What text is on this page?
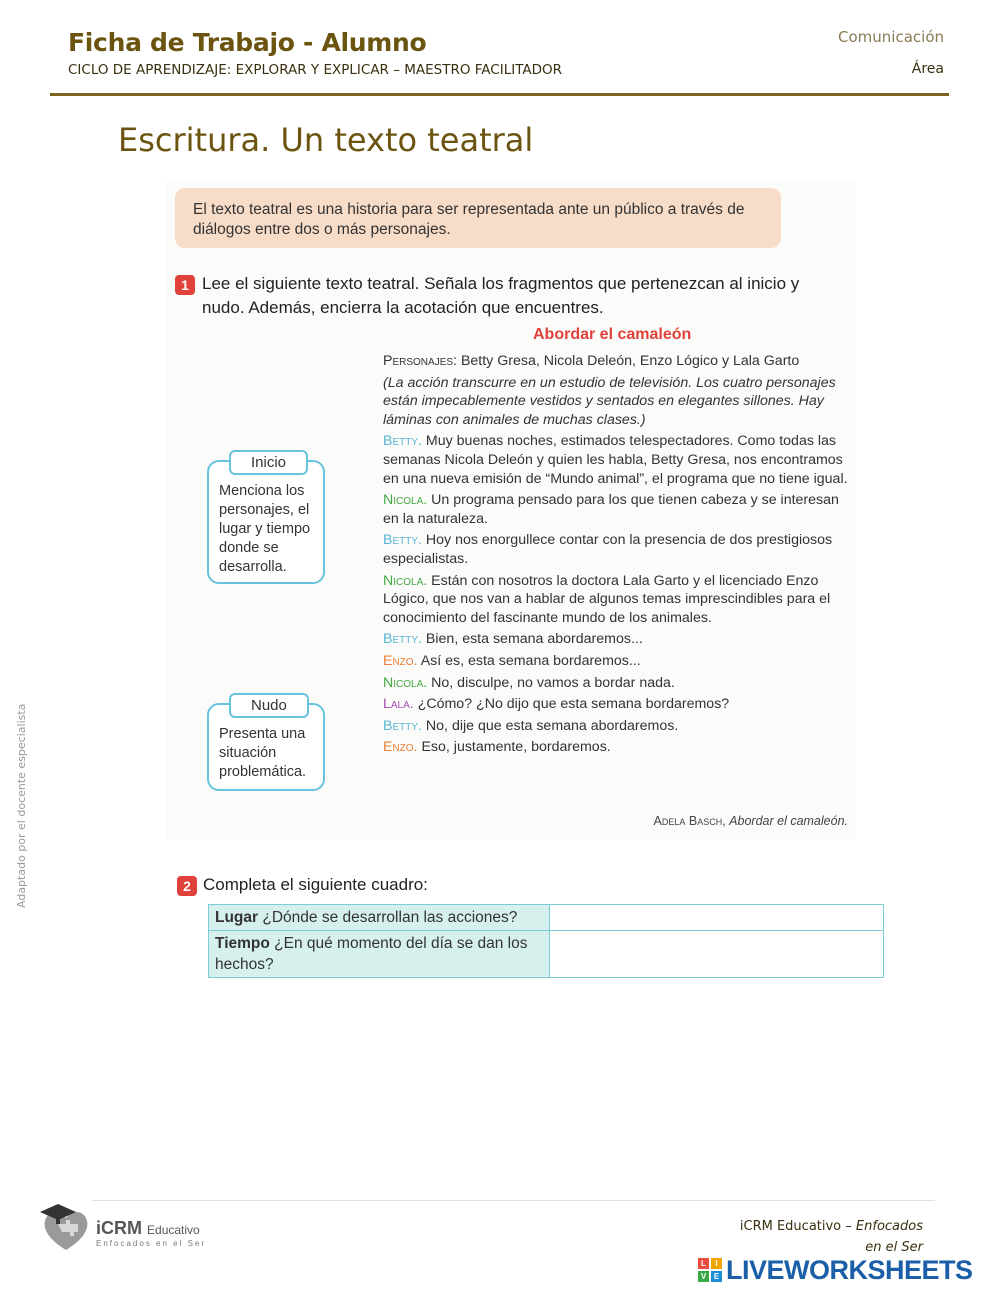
Ficha de Trabajo - Alumno
CICLO DE APRENDIZAJE: EXPLORAR Y EXPLICAR – MAESTRO FACILITADOR
Comunicación
Área
Escritura. Un texto teatral
El texto teatral es una historia para ser representada ante un público a través de diálogos entre dos o más personajes.
1 Lee el siguiente texto teatral. Señala los fragmentos que pertenezcan al inicio y nudo. Además, encierra la acotación que encuentres.
Abordar el camaleón

Personajes: Betty Gresa, Nicola Deleón, Enzo Lógico y Lala Garto

(La acción transcurre en un estudio de televisión. Los cuatro personajes están impecablemente vestidos y sentados en elegantes sillones. Hay láminas con animales de muchas clases.)

Betty. Muy buenas noches, estimados telespectadores. Como todas las semanas Nicola Deleón y quien les habla, Betty Gresa, nos encontramos en una nueva emisión de “Mundo animal”, el programa que no tiene igual.

Nicola. Un programa pensado para los que tienen cabeza y se interesan en la naturaleza.

Betty. Hoy nos enorgullece contar con la presencia de dos prestigiosos especialistas.

Nicola. Están con nosotros la doctora Lala Garto y el licenciado Enzo Lógico, que nos van a hablar de algunos temas imprescindibles para el conocimiento del fascinante mundo de los animales.

Betty. Bien, esta semana abordaremos...

Enzo. Así es, esta semana bordaremos...

Nicola. No, disculpe, no vamos a bordar nada.

Lala. ¿Cómo? ¿No dijo que esta semana bordaremos?

Betty. No, dije que esta semana abordaremos.

Enzo. Eso, justamente, bordaremos.

Inicio
Menciona los personajes, el lugar y tiempo donde se desarrolla.
Nudo
Presenta una situación problemática.
Adela Basch, Abordar el camaleón.
2 Completa el siguiente cuadro:
Lugar ¿Dónde se desarrollan las acciones?	
Tiempo ¿En qué momento del día se dan los hechos?	
Adaptado por el docente especialista
iCRM Educativo
Enfocados en el Ser
iCRM Educativo – Enfocados
en el Ser
L	I
V E LIVEWORKSHEETS
